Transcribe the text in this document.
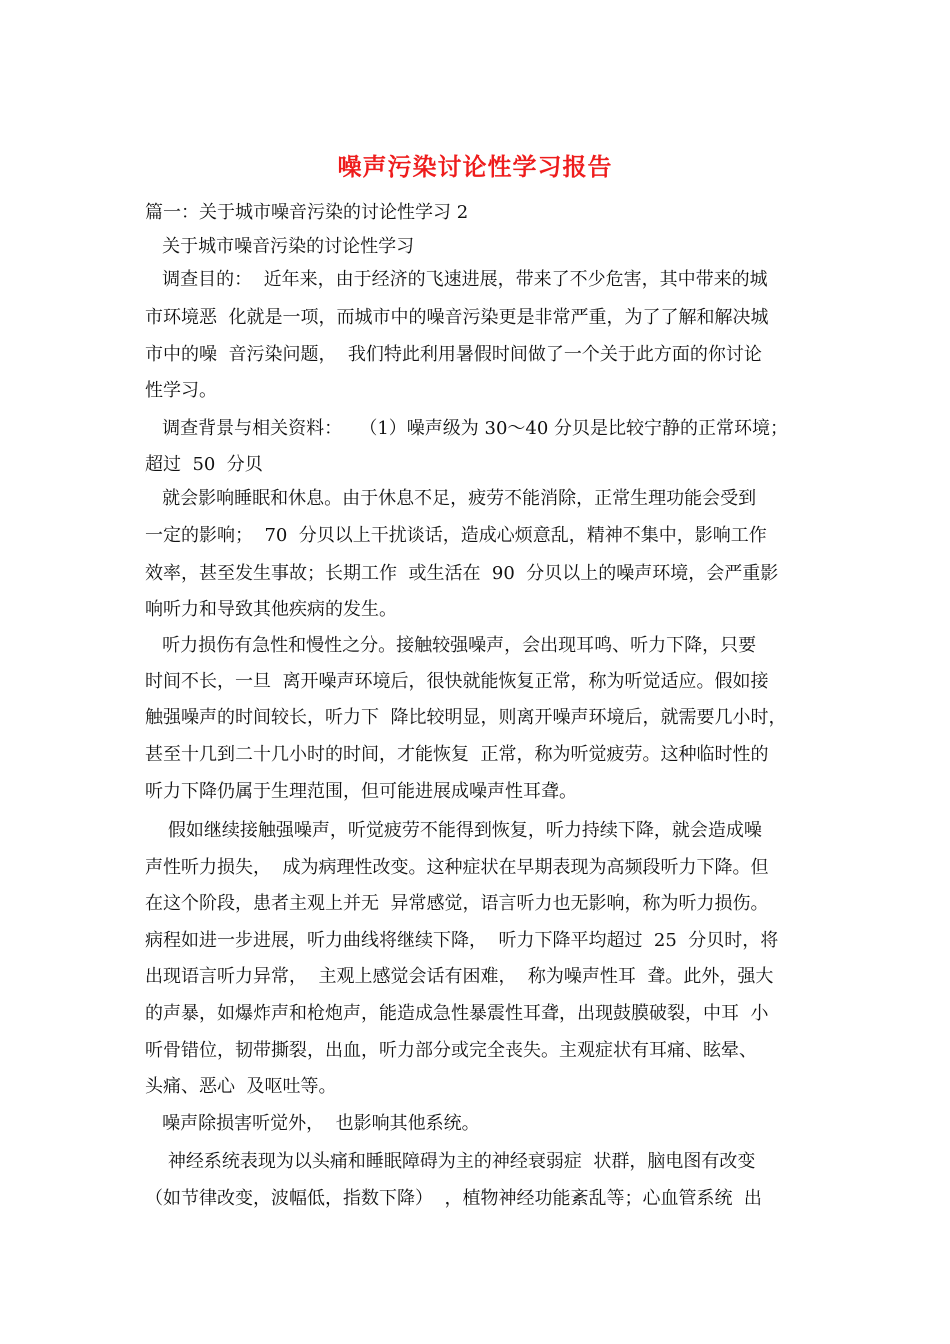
噪声污染讨论性学习报告
篇一：关于城市噪音污染的讨论性学习 2
关于城市噪音污染的讨论性学习
调查目的：  近年来，由于经济的飞速进展，带来了不少危害，其中带来的城
市环境恶  化就是一项，而城市中的噪音污染更是非常严重，为了了解和解决城
市中的噪  音污染问题，  我们特此利用暑假时间做了一个关于此方面的你讨论
性学习。
调查背景与相关资料：   （1）噪声级为 30～40 分贝是比较宁静的正常环境；
超过  50  分贝
就会影响睡眠和休息。由于休息不足，疲劳不能消除，正常生理功能会受到
一定的影响；  70  分贝以上干扰谈话，造成心烦意乱，精神不集中，影响工作
效率，甚至发生事故；长期工作  或生活在  90  分贝以上的噪声环境，会严重影
响听力和导致其他疾病的发生。
听力损伤有急性和慢性之分。接触较强噪声，会出现耳鸣、听力下降，只要
时间不长，一旦  离开噪声环境后，很快就能恢复正常，称为听觉适应。假如接
触强噪声的时间较长，听力下  降比较明显，则离开噪声环境后，就需要几小时，
甚至十几到二十几小时的时间，才能恢复  正常，称为听觉疲劳。这种临时性的
听力下降仍属于生理范围，但可能进展成噪声性耳聋。
假如继续接触强噪声，听觉疲劳不能得到恢复，听力持续下降，就会造成噪
声性听力损失，  成为病理性改变。这种症状在早期表现为高频段听力下降。但
在这个阶段，患者主观上并无  异常感觉，语言听力也无影响，称为听力损伤。
病程如进一步进展，听力曲线将继续下降，  听力下降平均超过  25  分贝时，将
出现语言听力异常，  主观上感觉会话有困难，  称为噪声性耳  聋。此外，强大
的声暴，如爆炸声和枪炮声，能造成急性暴震性耳聋，出现鼓膜破裂，中耳  小
听骨错位，韧带撕裂，出血，听力部分或完全丧失。主观症状有耳痛、眩晕、
头痛、恶心  及呕吐等。
噪声除损害听觉外，  也影响其他系统。
神经系统表现为以头痛和睡眠障碍为主的神经衰弱症  状群，脑电图有改变
（如节律改变，波幅低，指数下降）  ，植物神经功能紊乱等；心血管系统  出
